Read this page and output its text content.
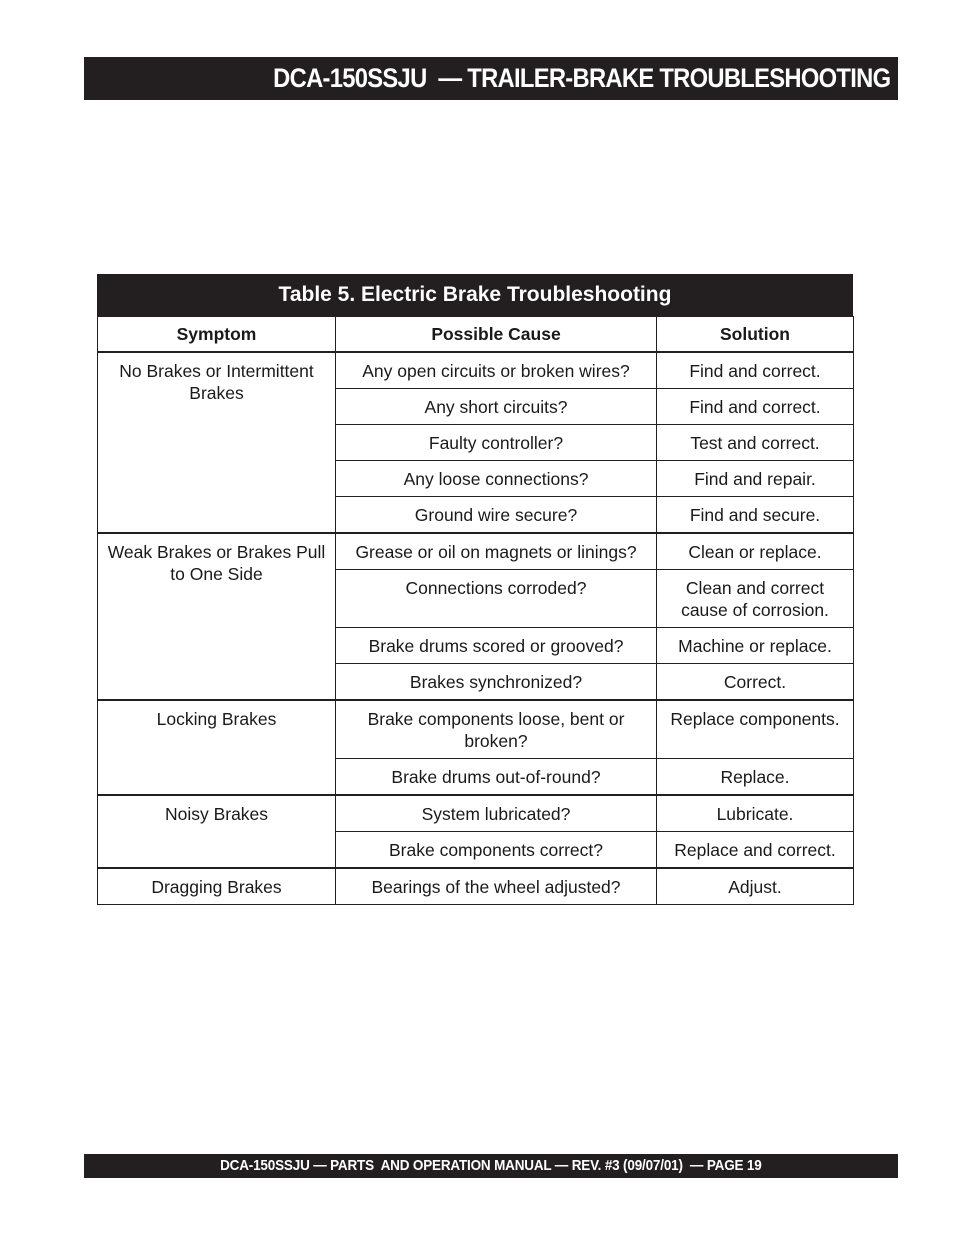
DCA-150SSJU  — TRAILER-BRAKE TROUBLESHOOTING
Table 5. Electric Brake Troubleshooting
Symptom	Possible Cause	Solution
No Brakes or Intermittent Brakes	Any open circuits or broken wires?	Find and correct.
	Any short circuits?	Find and correct.
	Faulty controller?	Test and correct.
	Any loose connections?	Find and repair.
	Ground wire secure?	Find and secure.
Weak Brakes or Brakes Pull to One Side	Grease or oil on magnets or linings?	Clean or replace.
	Connections corroded?	Clean and correct cause of corrosion.
	Brake drums scored or grooved?	Machine or replace.
	Brakes synchronized?	Correct.
Locking Brakes	Brake components loose, bent or broken?	Replace components.
	Brake drums out-of-round?	Replace.
Noisy Brakes	System lubricated?	Lubricate.
	Brake components correct?	Replace and correct.
Dragging Brakes	Bearings of the wheel adjusted?	Adjust.
DCA-150SSJU — PARTS  AND OPERATION MANUAL — REV. #3 (09/07/01)  — PAGE 19
